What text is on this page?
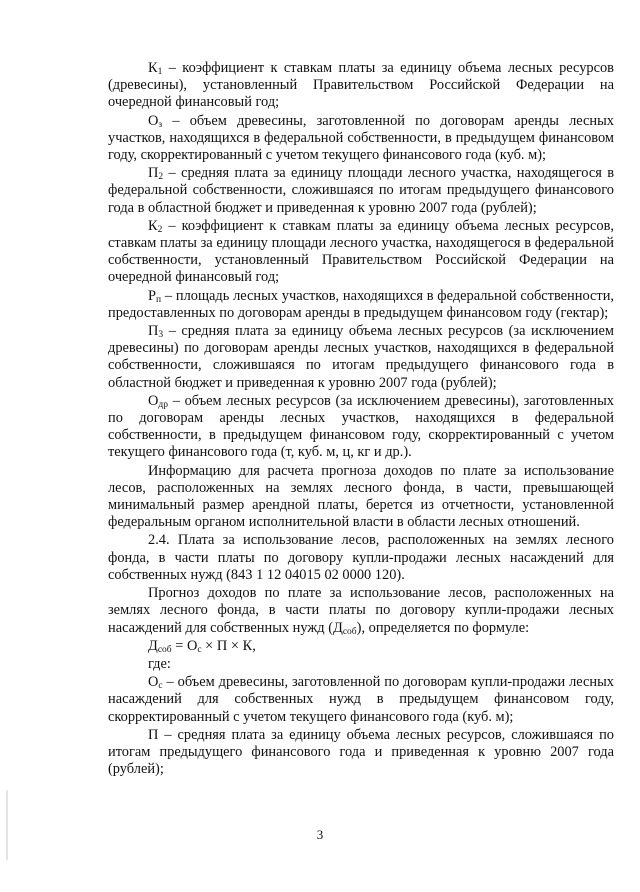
$К_1$ – коэффициент к ставкам платы за единицу объема лесных ресурсов (древесины), установленный Правительством Российской Федерации на очередной финансовый год;

$О_з$ – объем древесины, заготовленной по договорам аренды лесных участков, находящихся в федеральной собственности, в предыдущем финансовом году, скорректированный с учетом текущего финансового года (куб. м);

$П_2$ – средняя плата за единицу площади лесного участка, находящегося в федеральной собственности, сложившаяся по итогам предыдущего финансового года в областной бюджет и приведенная к уровню 2007 года (рублей);

$К_2$ – коэффициент к ставкам платы за единицу объема лесных ресурсов, ставкам платы за единицу площади лесного участка, находящегося в федеральной собственности, установленный Правительством Российской Федерации на очередной финансовый год;

$Р_п$ – площадь лесных участков, находящихся в федеральной собственности, предоставленных по договорам аренды в предыдущем финансовом году (гектар);

$П_3$ – средняя плата за единицу объема лесных ресурсов (за исключением древесины) по договорам аренды лесных участков, находящихся в федеральной собственности, сложившаяся по итогам предыдущего финансового года в областной бюджет и приведенная к уровню 2007 года (рублей);

$О_{др}$ – объем лесных ресурсов (за исключением древесины), заготовленных по договорам аренды лесных участков, находящихся в федеральной собственности, в предыдущем финансовом году, скорректированный с учетом текущего финансового года (т, куб. м, ц, кг и др.).

Информацию для расчета прогноза доходов по плате за использование лесов, расположенных на землях лесного фонда, в части, превышающей минимальный размер арендной платы, берется из отчетности, установленной федеральным органом исполнительной власти в области лесных отношений.

2.4. Плата за использование лесов, расположенных на землях лесного фонда, в части платы по договору купли-продажи лесных насаждений для собственных нужд (843 1 12 04015 02 0000 120).

Прогноз доходов по плате за использование лесов, расположенных на землях лесного фонда, в части платы по договору купли-продажи лесных насаждений для собственных нужд $(Д_{соб})$, определяется по формуле:

$Д_{соб} = О_с \times П \times К$,

где:

$О_с$ – объем древесины, заготовленной по договорам купли-продажи лесных насаждений для собственных нужд в предыдущем финансовом году, скорректированный с учетом текущего финансового года (куб. м);

П – средняя плата за единицу объема лесных ресурсов, сложившаяся по итогам предыдущего финансового года и приведенная к уровню 2007 года (рублей);

3
